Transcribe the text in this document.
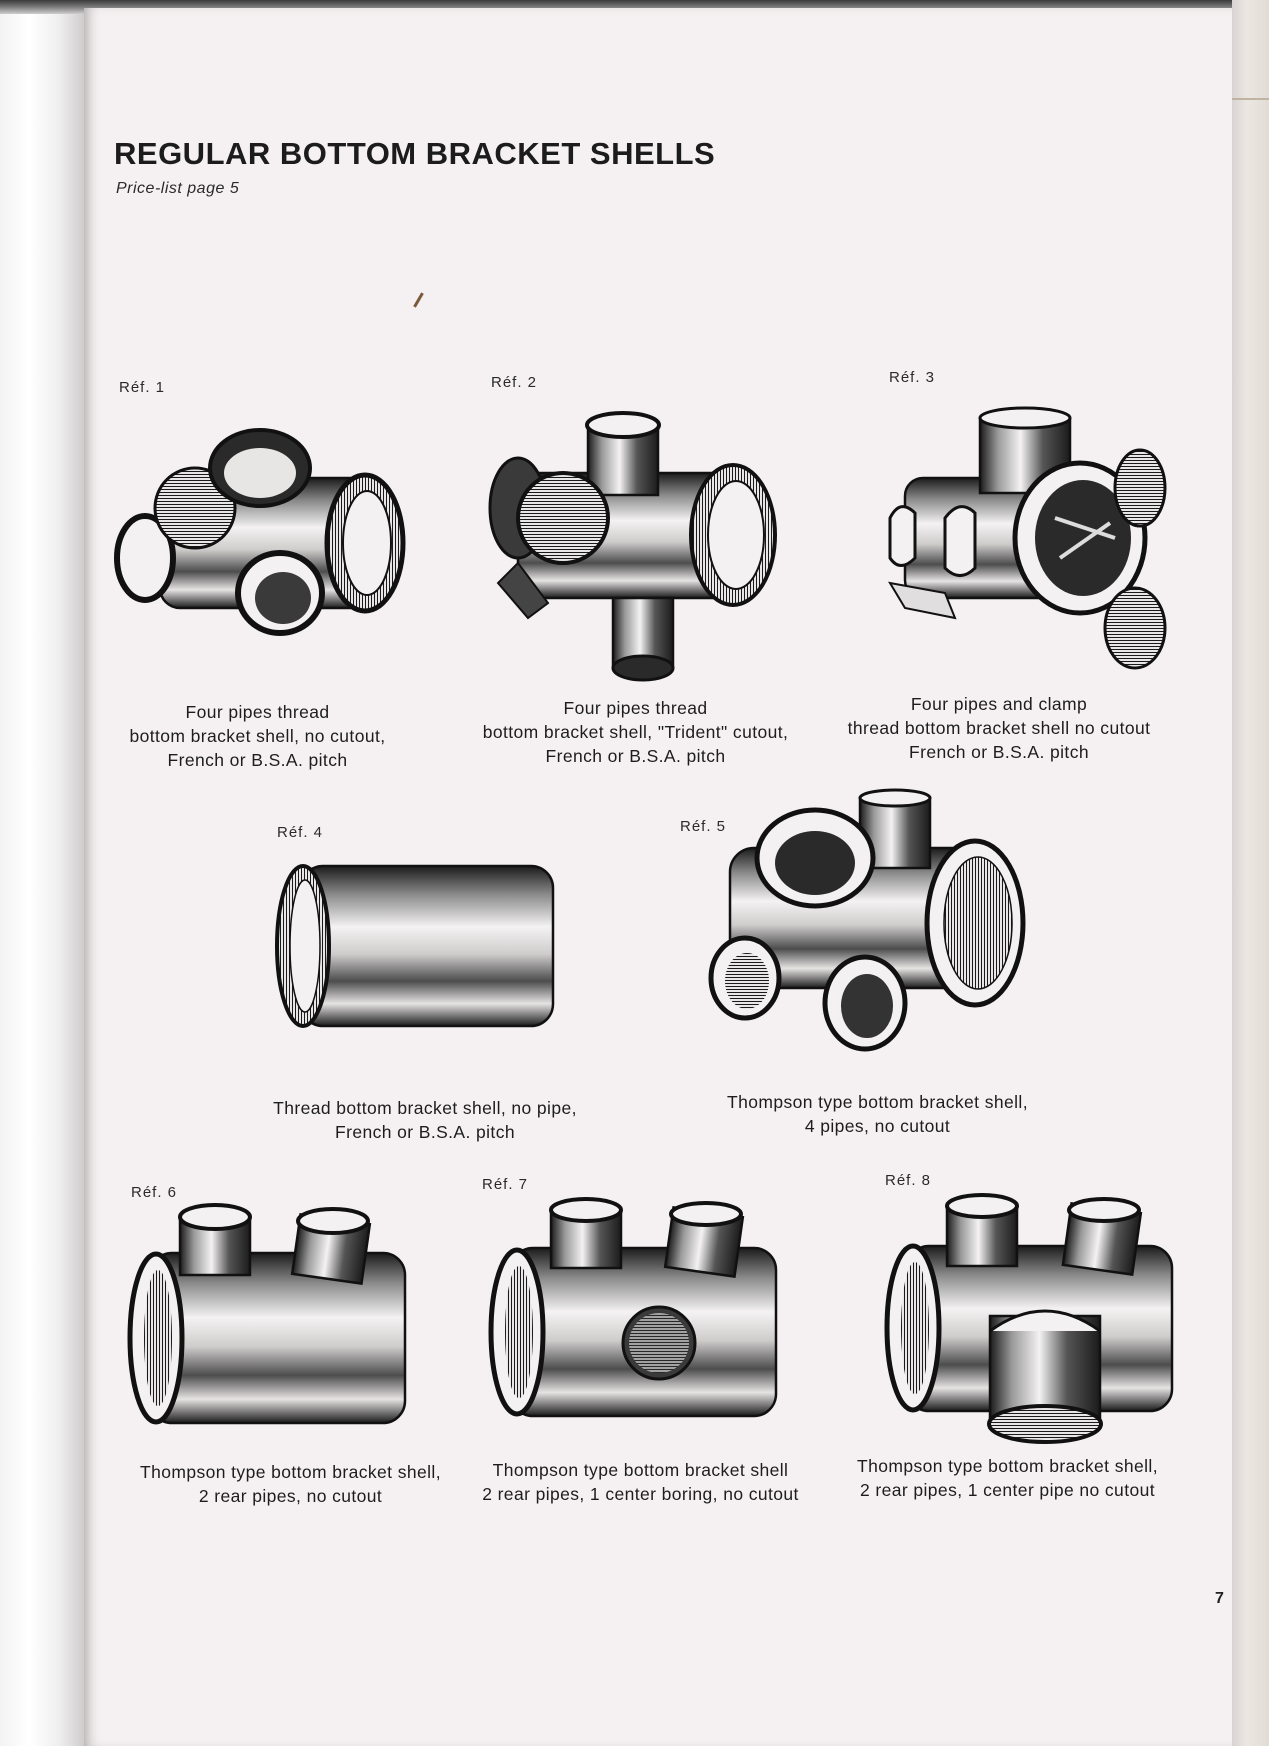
REGULAR BOTTOM BRACKET SHELLS
Price-list page 5
Réf. 1
Four pipes thread
bottom bracket shell, no cutout,
French or B.S.A. pitch
Réf. 2
Four pipes thread
bottom bracket shell, "Trident" cutout,
French or B.S.A. pitch
Réf. 3
Four pipes and clamp
thread bottom bracket shell no cutout
French or B.S.A. pitch
Réf. 4
Thread bottom bracket shell, no pipe,
French or B.S.A. pitch
Réf. 5
Thompson type bottom bracket shell,
4 pipes, no cutout
Réf. 6
Thompson type bottom bracket shell,
2 rear pipes, no cutout
Réf. 7
Thompson type bottom bracket shell
2 rear pipes, 1 center boring, no cutout
Réf. 8
Thompson type bottom bracket shell,
2 rear pipes, 1 center pipe no cutout
7
